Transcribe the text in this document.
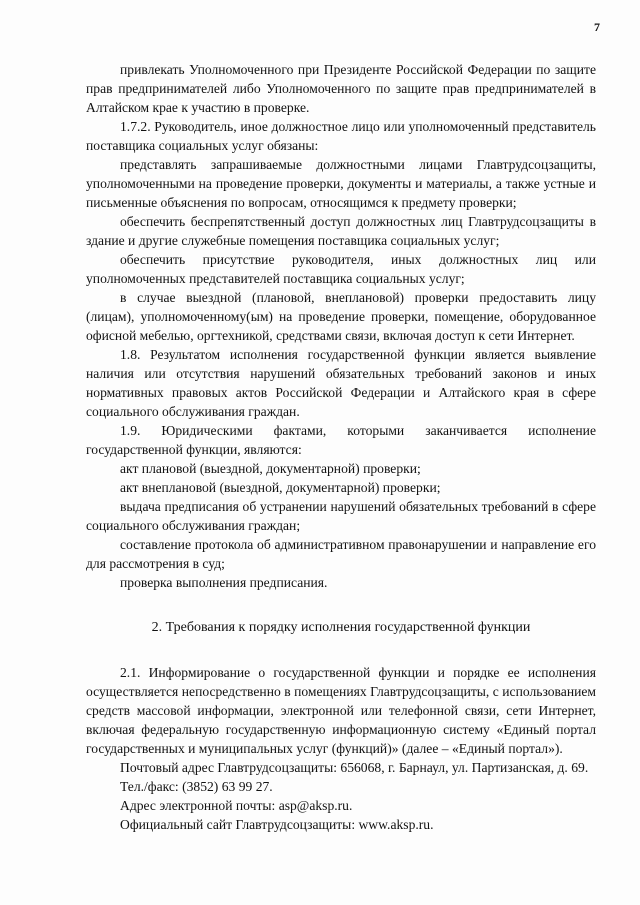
7

привлекать Уполномоченного при Президенте Российской Федерации по защите прав предпринимателей либо Уполномоченного по защите прав предпринимателей в Алтайском крае к участию в проверке.

1.7.2. Руководитель, иное должностное лицо или уполномоченный представитель поставщика социальных услуг обязаны:

представлять запрашиваемые должностными лицами Главтрудсоцзащиты, уполномоченными на проведение проверки, документы и материалы, а также устные и письменные объяснения по вопросам, относящимся к предмету проверки;

обеспечить беспрепятственный доступ должностных лиц Главтрудсоцзащиты в здание и другие служебные помещения поставщика социальных услуг;

обеспечить присутствие руководителя, иных должностных лиц или уполномоченных представителей поставщика социальных услуг;

в случае выездной (плановой, внеплановой) проверки предоставить лицу (лицам), уполномоченному(ым) на проведение проверки, помещение, оборудованное офисной мебелью, оргтехникой, средствами связи, включая доступ к сети Интернет.

1.8. Результатом исполнения государственной функции является выявление наличия или отсутствия нарушений обязательных требований законов и иных нормативных правовых актов Российской Федерации и Алтайского края в сфере социального обслуживания граждан.

1.9. Юридическими фактами, которыми заканчивается исполнение государственной функции, являются:

акт плановой (выездной, документарной) проверки;

акт внеплановой (выездной, документарной) проверки;

выдача предписания об устранении нарушений обязательных требований в сфере социального обслуживания граждан;

составление протокола об административном правонарушении и направление его для рассмотрения в суд;

проверка выполнения предписания.

2. Требования к порядку исполнения государственной функции

2.1. Информирование о государственной функции и порядке ее исполнения осуществляется непосредственно в помещениях Главтрудсоцзащиты, с использованием средств массовой информации, электронной или телефонной связи, сети Интернет, включая федеральную государственную информационную систему «Единый портал государственных и муниципальных услуг (функций)» (далее – «Единый портал»).

Почтовый адрес Главтрудсоцзащиты: 656068, г. Барнаул, ул. Партизанская, д. 69.

Тел./факс: (3852) 63 99 27.

Адрес электронной почты: asp@aksp.ru.

Официальный сайт Главтрудсоцзащиты: www.aksp.ru.
